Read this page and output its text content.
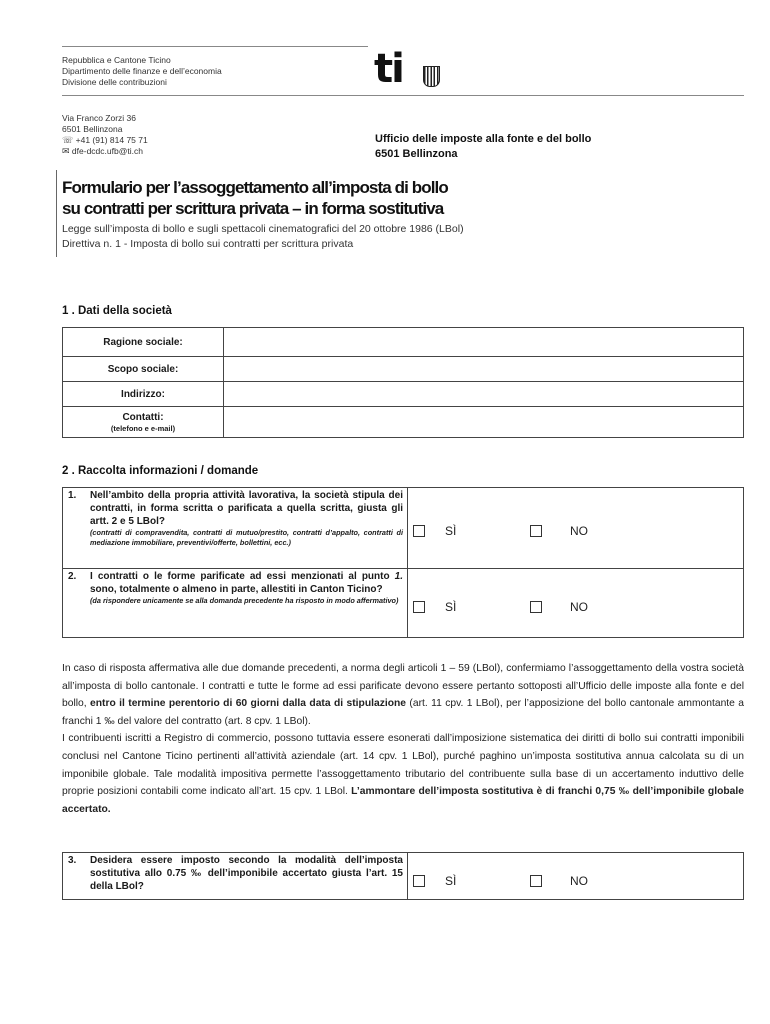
Repubblica e Cantone Ticino
Dipartimento delle finanze e dell’economia
Divisione delle contribuzioni	ti
Via Franco Zorzi 36
6501 Bellinzona
☏ +41 (91) 814 75 71
✉ dfe-dcdc.ufb@ti.ch
Ufficio delle imposte alla fonte e del bollo
6501 Bellinzona
Formulario per l’assoggettamento all’imposta di bollo
su contratti per scrittura privata – in forma sostitutiva
Legge sull’imposta di bollo e sugli spettacoli cinematografici del 20 ottobre 1986 (LBol)
Direttiva n. 1 - Imposta di bollo sui contratti per scrittura privata
1 . Dati della società
Ragione sociale:	
Scopo sociale:	
Indirizzo:	

Contatti:
(telefono e e-mail)	

2 . Raccolta informazioni / domande
1. Nell’ambito della propria attività lavorativa, la società stipula dei contratti, in forma scritta o parificata a quella scritta, giusta gli artt. 2 e 5 LBol?
(contratti di compravendita, contratti di mutuo/prestito, contratti d’appalto, contratti di mediazione immobiliare, preventivi/offerte, bollettini, ecc.)	SÌ NO

2. I contratti o le forme parificate ad essi menzionati al punto 1. sono, totalmente o almeno in parte, allestiti in Canton Ticino?
(da rispondere unicamente se alla domanda precedente ha risposto in modo affermativo)	SÌ NO

In caso di risposta affermativa alle due domande precedenti, a norma degli articoli 1 – 59 (LBol), confermiamo l’assoggettamento della vostra società all’imposta di bollo cantonale. I contratti e tutte le forme ad essi parificate devono essere pertanto sottoposti all’Ufficio delle imposte alla fonte e del bollo, entro il termine perentorio di 60 giorni dalla data di stipulazione (art. 11 cpv. 1 LBol), per l’apposizione del bollo cantonale ammontante a franchi 1 ‰ del valore del contratto (art. 8 cpv. 1 LBol).

I contribuenti iscritti a Registro di commercio, possono tuttavia essere esonerati dall’imposizione sistematica dei diritti di bollo sui contratti imponibili conclusi nel Cantone Ticino pertinenti all’attività aziendale (art. 14 cpv. 1 LBol), purché paghino un’imposta sostitutiva annua calcolata su di un imponibile globale. Tale modalità impositiva permette l’assoggettamento tributario del contribuente sulla base di un accertamento induttivo delle proprie posizioni contabili come indicato all’art. 15 cpv. 1 LBol. L’ammontare dell’imposta sostitutiva è di franchi 0,75 ‰ dell’imponibile globale accertato.

3.	Desidera essere imposto secondo la modalità dell’imposta sostitutiva allo 0.75 ‰ dell’imponibile accertato giusta l’art. 15 della LBol?	SÌ	NO
